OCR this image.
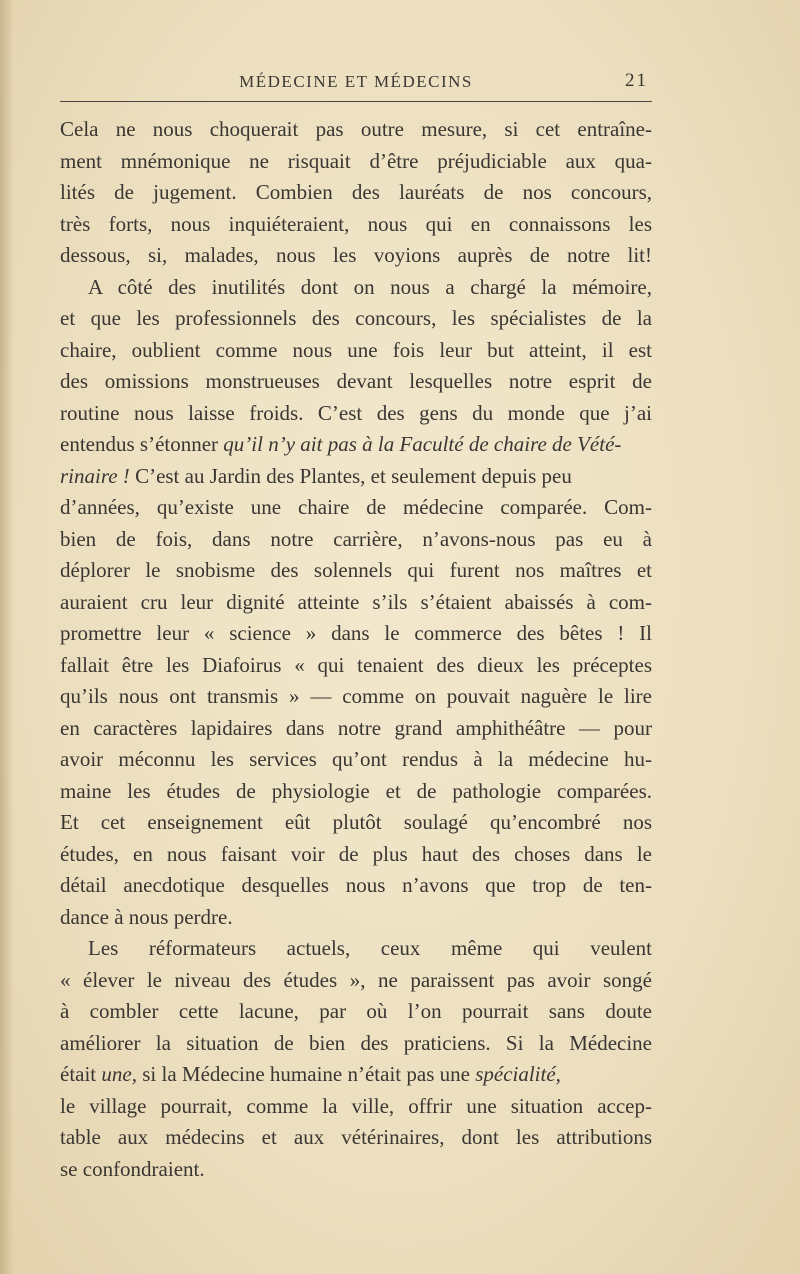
MÉDECINE ET MÉDECINS	21
Cela ne nous choquerait pas outre mesure, si cet entraîne-
ment mnémonique ne risquait d’être préjudiciable aux qua-
lités de jugement. Combien des lauréats de nos concours,
très forts, nous inquiéteraient, nous qui en connaissons les
dessous, si, malades, nous les voyions auprès de notre lit!
A côté des inutilités dont on nous a chargé la mémoire,
et que les professionnels des concours, les spécialistes de la
chaire, oublient comme nous une fois leur but atteint, il est
des omissions monstrueuses devant lesquelles notre esprit de
routine nous laisse froids. C’est des gens du monde que j’ai
entendus s’étonner qu’il n’y ait pas à la Faculté de chaire de Vété-
rinaire ! C’est au Jardin des Plantes, et seulement depuis peu
d’années, qu’existe une chaire de médecine comparée. Com-
bien de fois, dans notre carrière, n’avons-nous pas eu à
déplorer le snobisme des solennels qui furent nos maîtres et
auraient cru leur dignité atteinte s’ils s’étaient abaissés à com-
promettre leur « science » dans le commerce des bêtes ! Il
fallait être les Diafoirus « qui tenaient des dieux les préceptes
qu’ils nous ont transmis » — comme on pouvait naguère le lire
en caractères lapidaires dans notre grand amphithéâtre — pour
avoir méconnu les services qu’ont rendus à la médecine hu-
maine les études de physiologie et de pathologie comparées.
Et cet enseignement eût plutôt soulagé qu’encombré nos
études, en nous faisant voir de plus haut des choses dans le
détail anecdotique desquelles nous n’avons que trop de ten-
dance à nous perdre.
Les réformateurs actuels, ceux même qui veulent
« élever le niveau des études », ne paraissent pas avoir songé
à combler cette lacune, par où l’on pourrait sans doute
améliorer la situation de bien des praticiens. Si la Médecine
était une, si la Médecine humaine n’était pas une spécialité,
le village pourrait, comme la ville, offrir une situation accep-
table aux médecins et aux vétérinaires, dont les attributions
se confondraient.
